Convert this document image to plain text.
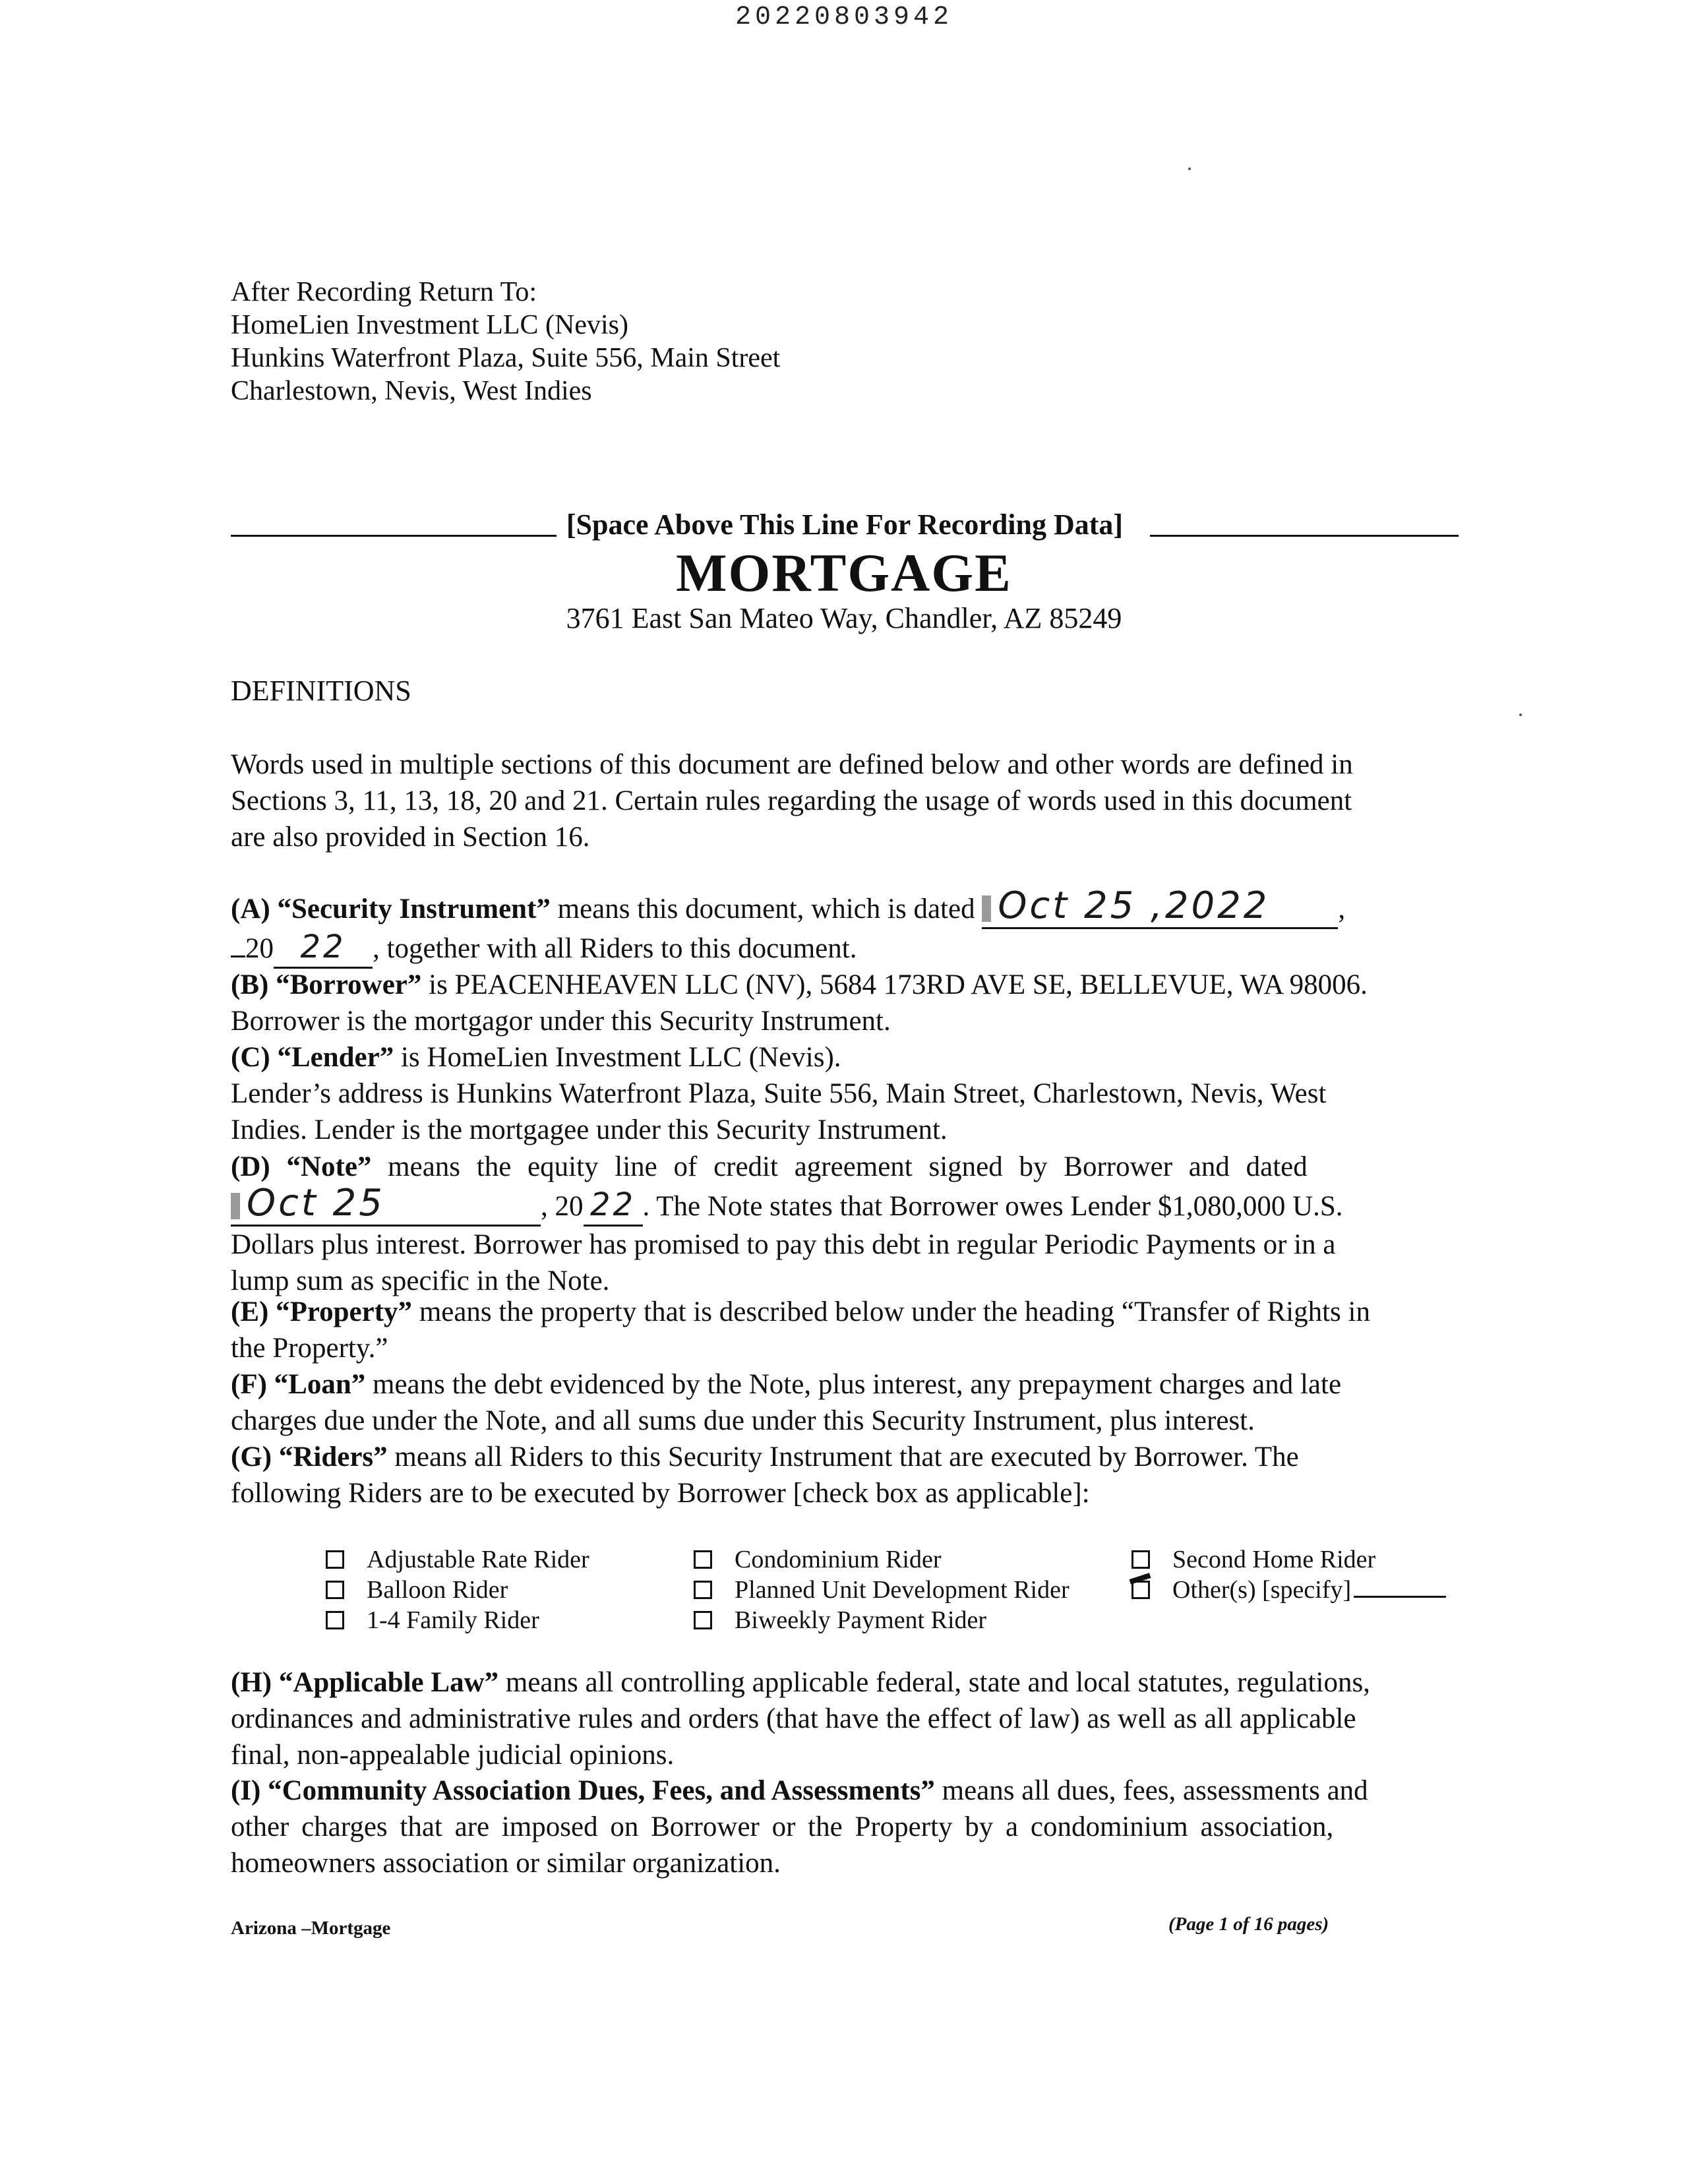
20220803942
After Recording Return To:
HomeLien Investment LLC (Nevis)
Hunkins Waterfront Plaza, Suite 556, Main Street
Charlestown, Nevis, West Indies
[Space Above This Line For Recording Data]
MORTGAGE
3761 East San Mateo Way, Chandler, AZ 85249
DEFINITIONS
Words used in multiple sections of this document are defined below and other words are defined in
Sections 3, 11, 13, 18, 20 and 21. Certain rules regarding the usage of words used in this document
are also provided in Section 16.
(A) “Security Instrument” means this document, which is dated Oct 25 ,2022 ,
20 22 , together with all Riders to this document.
(B) “Borrower” is PEACENHEAVEN LLC (NV), 5684 173RD AVE SE, BELLEVUE, WA 98006.
Borrower is the mortgagor under this Security Instrument.
(C) “Lender” is HomeLien Investment LLC (Nevis).
Lender’s address is Hunkins Waterfront Plaza, Suite 556, Main Street, Charlestown, Nevis, West
Indies. Lender is the mortgagee under this Security Instrument.
(D) “Note” means the equity line of credit agreement signed by Borrower and dated
Oct 25	, 20 22 . The Note states that Borrower owes Lender $1,080,000 U.S.
Dollars plus interest. Borrower has promised to pay this debt in regular Periodic Payments or in a
lump sum as specific in the Note.
(E) “Property” means the property that is described below under the heading “Transfer of Rights in
the Property.”
(F) “Loan” means the debt evidenced by the Note, plus interest, any prepayment charges and late
charges due under the Note, and all sums due under this Security Instrument, plus interest.
(G) “Riders” means all Riders to this Security Instrument that are executed by Borrower. The
following Riders are to be executed by Borrower [check box as applicable]:
Adjustable Rate Rider
Balloon Rider
1-4 Family Rider
Condominium Rider
Planned Unit Development Rider
Biweekly Payment Rider
Second Home Rider
Other(s) [specify]
(H) “Applicable Law” means all controlling applicable federal, state and local statutes, regulations,
ordinances and administrative rules and orders (that have the effect of law) as well as all applicable
final, non-appealable judicial opinions.
(I) “Community Association Dues, Fees, and Assessments” means all dues, fees, assessments and
other charges that are imposed on Borrower or the Property by a condominium association,
homeowners association or similar organization.
Arizona –Mortgage	(Page 1 of 16 pages)
